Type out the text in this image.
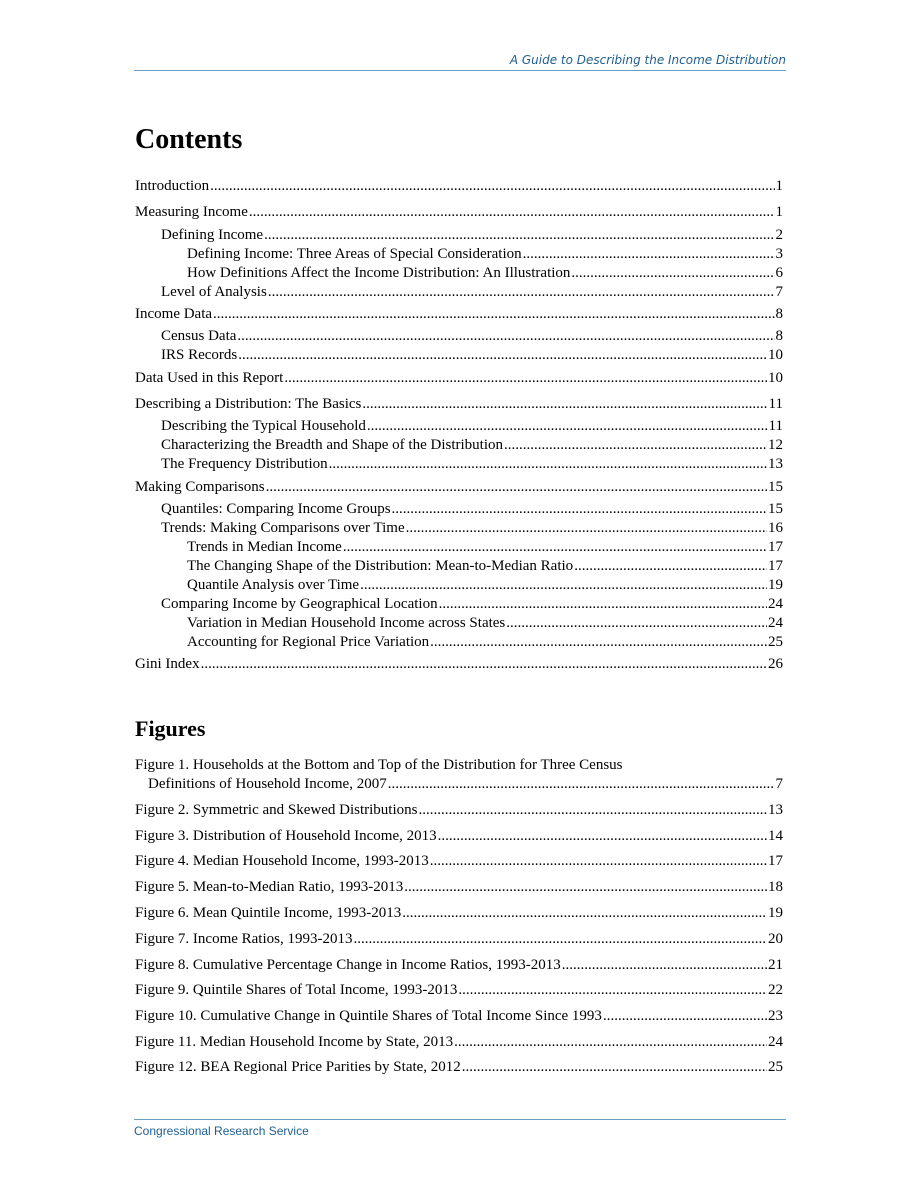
A Guide to Describing the Income Distribution
Contents
Introduction .....	1
Measuring Income .....	1
Defining Income .....	2
Defining Income: Three Areas of Special Consideration .....	3
How Definitions Affect the Income Distribution: An Illustration .....	6
Level of Analysis .....	7
Income Data .....	8
Census Data .....	8
IRS Records .....	10
Data Used in this Report .....	10
Describing a Distribution: The Basics .....	11
Describing the Typical Household .....	11
Characterizing the Breadth and Shape of the Distribution .....	12
The Frequency Distribution .....	13
Making Comparisons .....	15
Quantiles: Comparing Income Groups .....	15
Trends: Making Comparisons over Time .....	16
Trends in Median Income .....	17
The Changing Shape of the Distribution: Mean-to-Median Ratio .....	17
Quantile Analysis over Time .....	19
Comparing Income by Geographical Location .....	24
Variation in Median Household Income across States .....	24
Accounting for Regional Price Variation .....	25
Gini Index .....	26
Figures
Figure 1. Households at the Bottom and Top of the Distribution for Three Census
Definitions of Household Income, 2007 .....	7
Figure 2. Symmetric and Skewed Distributions .....	13
Figure 3. Distribution of Household Income, 2013 .....	14
Figure 4. Median Household Income, 1993-2013 .....	17
Figure 5. Mean-to-Median Ratio, 1993-2013 .....	18
Figure 6. Mean Quintile Income, 1993-2013 .....	19
Figure 7. Income Ratios, 1993-2013 .....	20
Figure 8. Cumulative Percentage Change in Income Ratios, 1993-2013 .....	21
Figure 9. Quintile Shares of Total Income, 1993-2013 .....	22
Figure 10. Cumulative Change in Quintile Shares of Total Income Since 1993 .....	23
Figure 11. Median Household Income by State, 2013 .....	24
Figure 12. BEA Regional Price Parities by State, 2012 .....	25
Congressional Research Service
